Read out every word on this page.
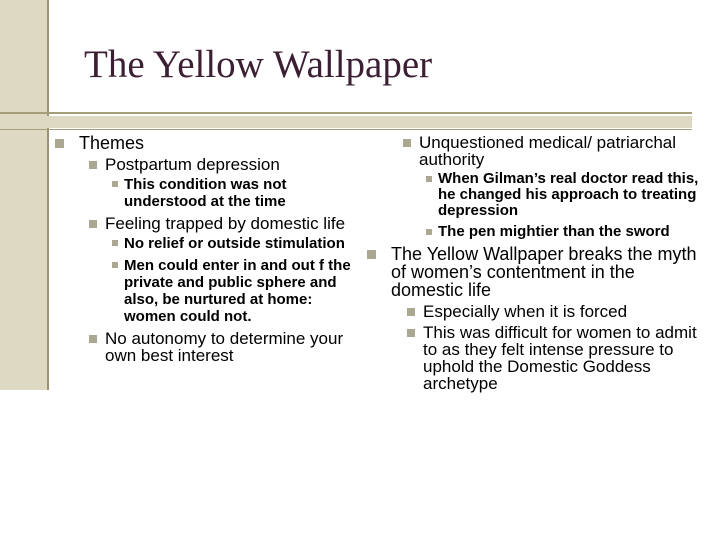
The Yellow Wallpaper
Themes
Postpartum depression
This condition was not understood at the time
Feeling trapped by domestic life
No relief or outside stimulation
Men could enter in and out f the private and public sphere and also, be nurtured at home: women could not.
No autonomy to determine your own best interest
Unquestioned medical/ patriarchal authority
When Gilman’s real doctor read this, he changed his approach to treating depression
The pen mightier than the sword
The Yellow Wallpaper breaks the myth of women’s contentment in the domestic life
Especially when it is forced
This was difficult for women to admit to as they felt intense pressure to uphold the Domestic Goddess archetype
